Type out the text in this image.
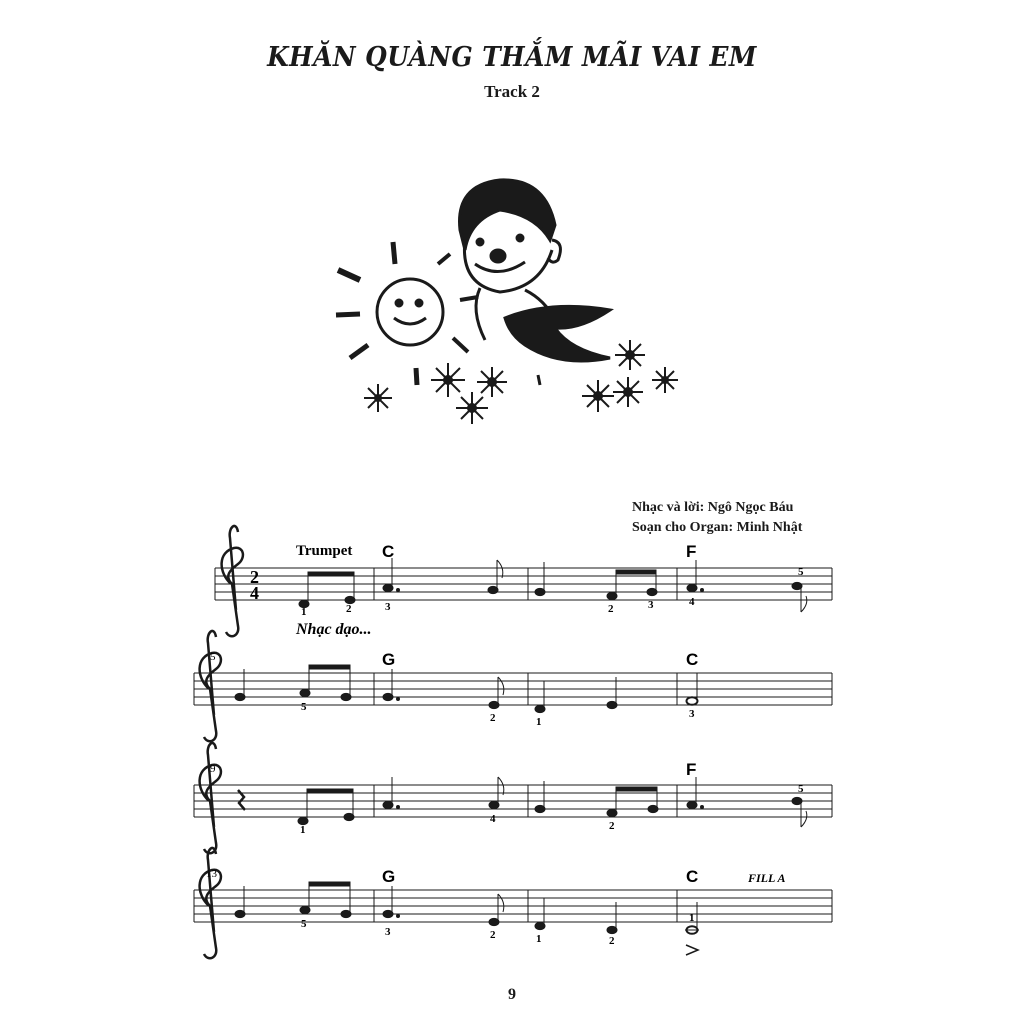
KHĂN QUÀNG THẮM MÃI VAI EM
Track 2
Nhạc và lời: Ngô Ngọc Báu
Soạn cho Organ: Minh Nhật
2
4
Trumpet C	F
1	2	3	2	3	4
5
Nhạc dạo...
5	G	C
5
2	1
3
9	F
1
4
2
5
13	G	C	FILL A
5
3	2	1	2
1
9
